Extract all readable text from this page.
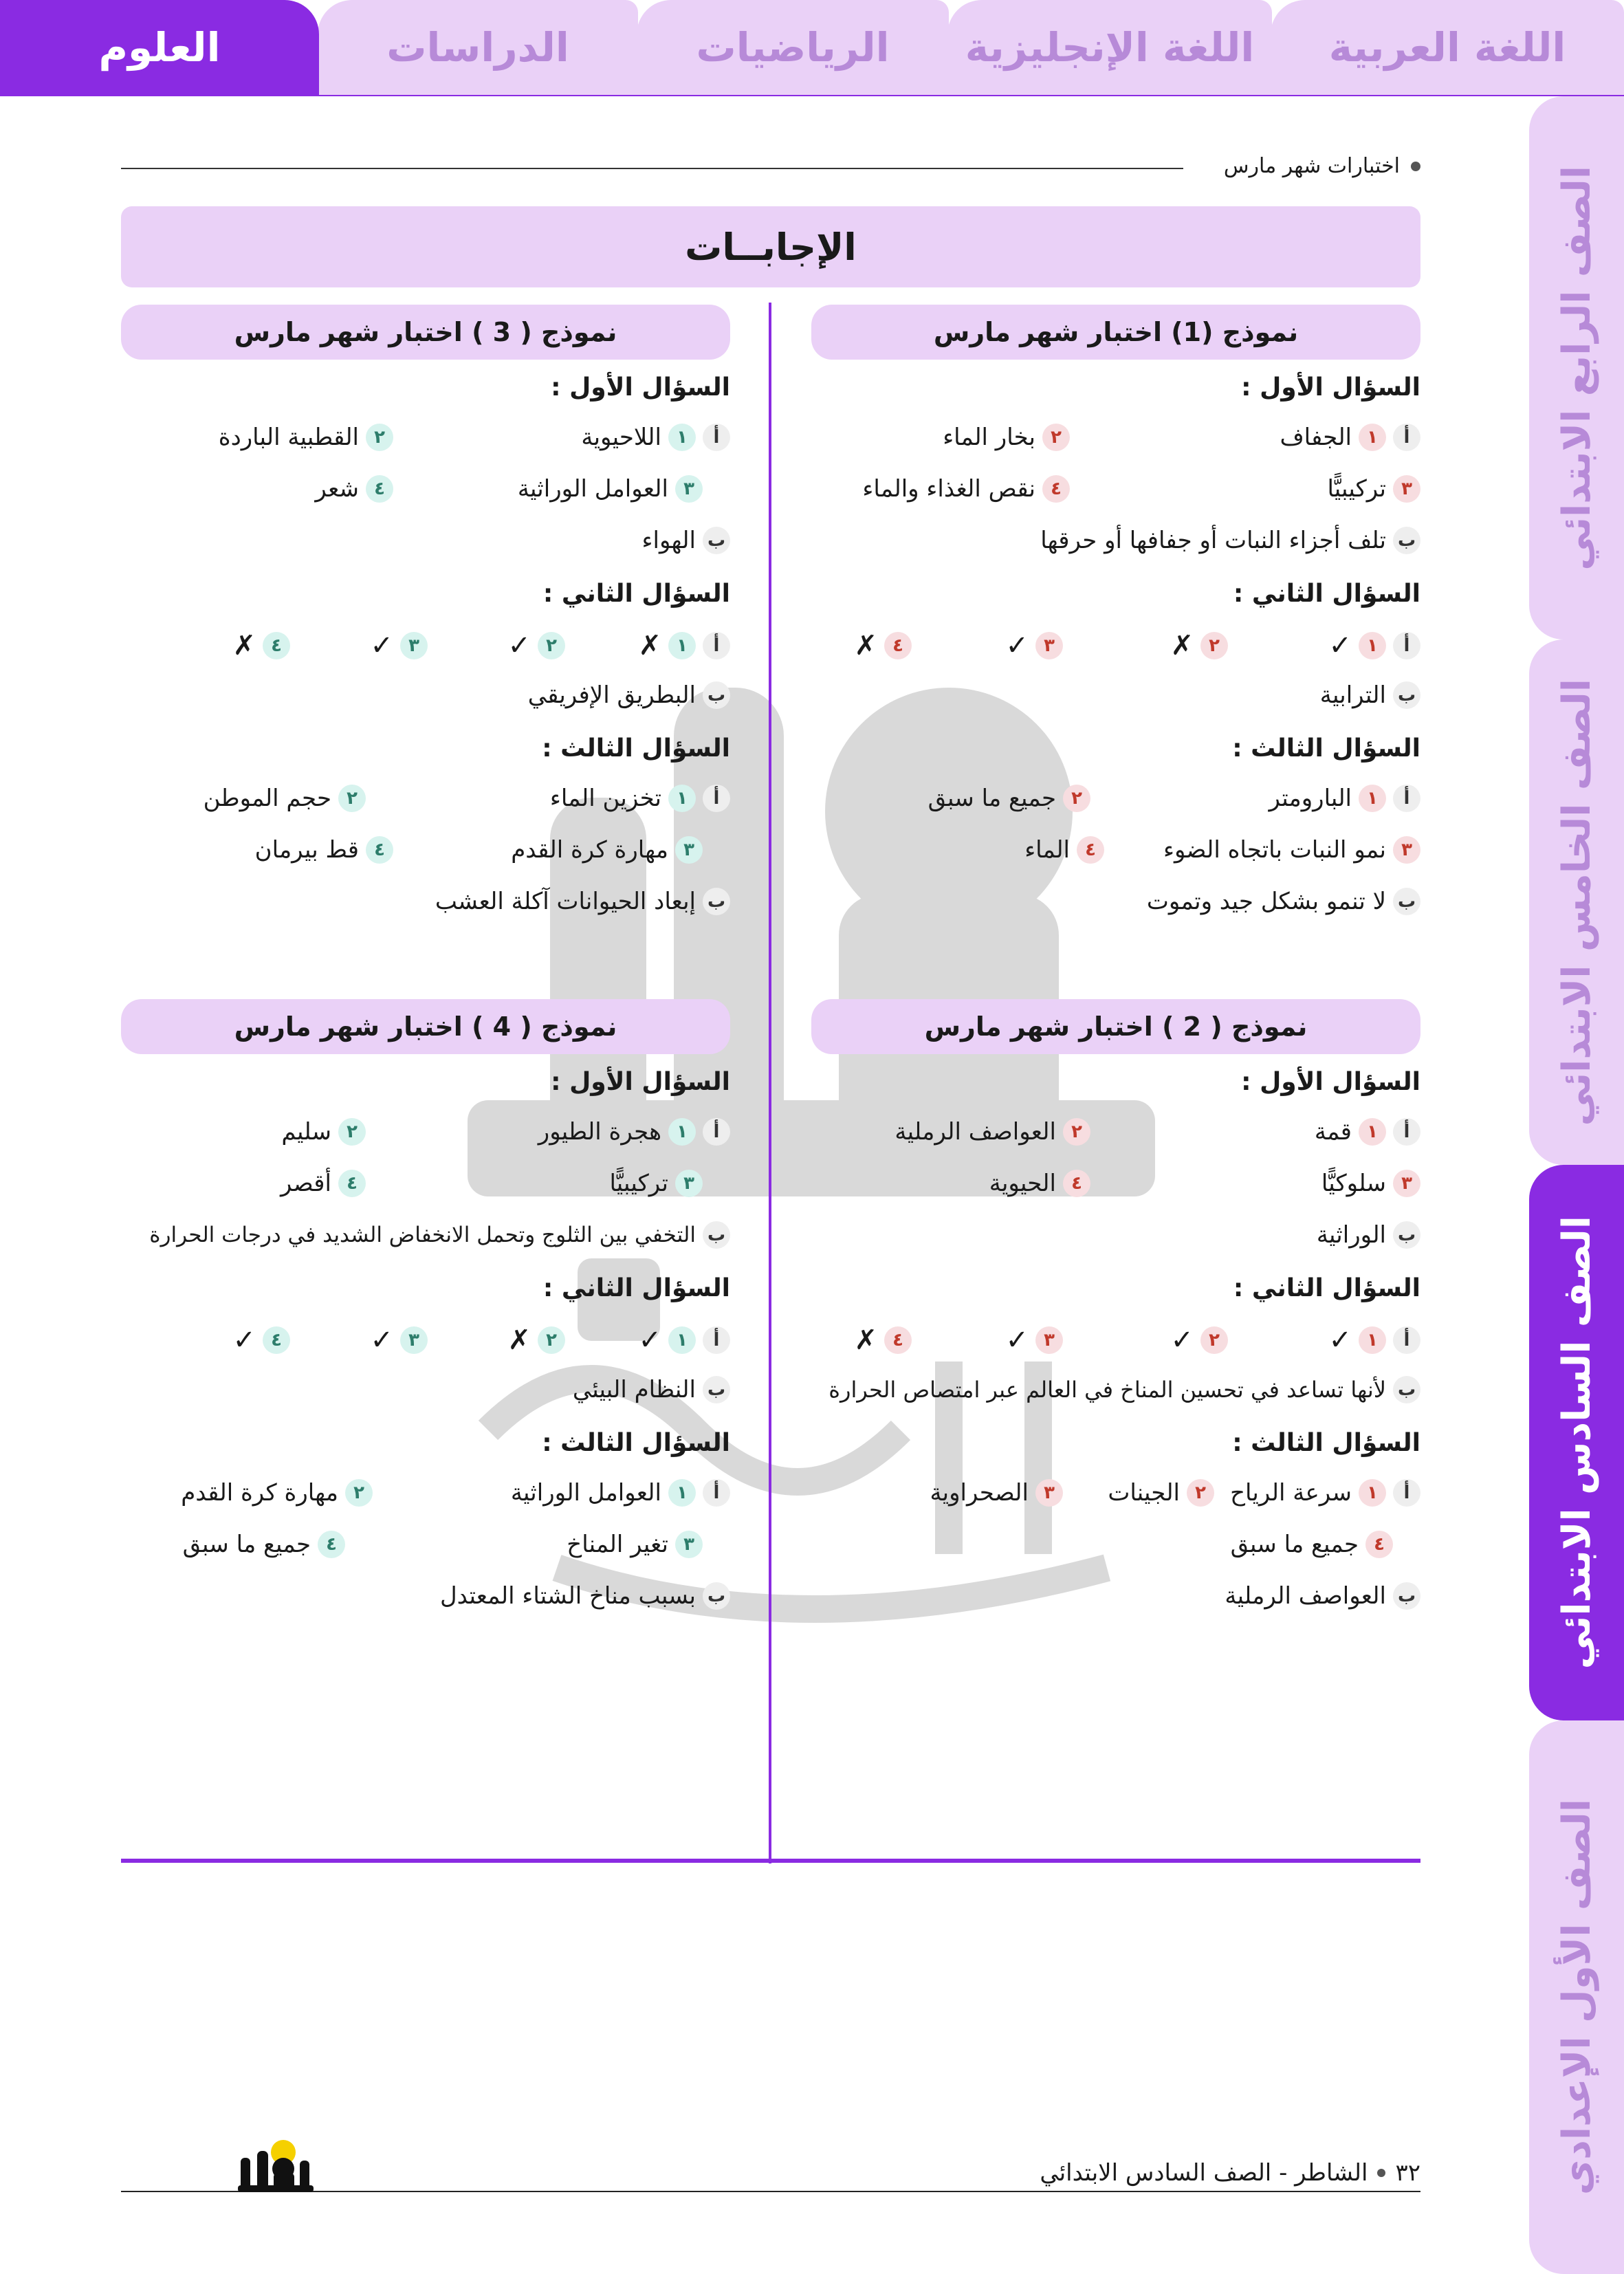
اللغة العربية
اللغة الإنجليزية
الرياضيات
الدراسات
العلوم
الصف الرابع الابتدائي
الصف الخامس الابتدائي
الصف السادس الابتدائي
الصف الأول الإعدادي
اختبارات شهر مارس
الإجابــات
نموذج (1) اختبار شهر مارس
السؤال الأول :
أ
١
الجفاف
٢
بخار الماء
٣
تركيبيًّا
٤
نقص الغذاء والماء
ب
تلف أجزاء النبات أو جفافها أو حرقها
السؤال الثاني :
أ
١
✓
٢
✗
٣
✓
٤
✗
ب
الترابية
السؤال الثالث :
أ
١
البارومتر
٢
جميع ما سبق
٣
نمو النبات باتجاه الضوء
٤
الماء
ب
لا تنمو بشكل جيد وتموت
نموذج ( 3 ) اختبار شهر مارس
السؤال الأول :
أ
١
اللاحيوية
٢
القطبية الباردة
٣
العوامل الوراثية
٤
شعر
ب
الهواء
السؤال الثاني :
أ
١
✗
٢
✓
٣
✓
٤
✗
ب
البطريق الإفريقي
السؤال الثالث :
أ
١
تخزين الماء
٢
حجم الموطن
٣
مهارة كرة القدم
٤
قط بيرمان
ب
إبعاد الحيوانات آكلة العشب
نموذج ( 2 ) اختبار شهر مارس
السؤال الأول :
أ
١
قمة
٢
العواصف الرملية
٣
سلوكيًّا
٤
الحيوية
ب
الوراثية
السؤال الثاني :
أ
١
✓
٢
✓
٣
✓
٤
✗
ب
لأنها تساعد في تحسين المناخ في العالم عبر امتصاص الحرارة
السؤال الثالث :
أ
١
سرعة الرياح
٢
الجينات
٣
الصحراوية
٤
جميع ما سبق
ب
العواصف الرملية
نموذج ( 4 ) اختبار شهر مارس
السؤال الأول :
أ
١
هجرة الطيور
٢
سليم
٣
تركيبيًّا
٤
أقصر
ب
التخفي بين الثلوج وتحمل الانخفاض الشديد في درجات الحرارة
السؤال الثاني :
أ
١
✓
٢
✗
٣
✓
٤
✓
ب
النظام البيئي
السؤال الثالث :
أ
١
العوامل الوراثية
٢
مهارة كرة القدم
٣
تغير المناخ
٤
جميع ما سبق
ب
بسبب مناخ الشتاء المعتدل
٣٢
الشاطر - الصف السادس الابتدائي
